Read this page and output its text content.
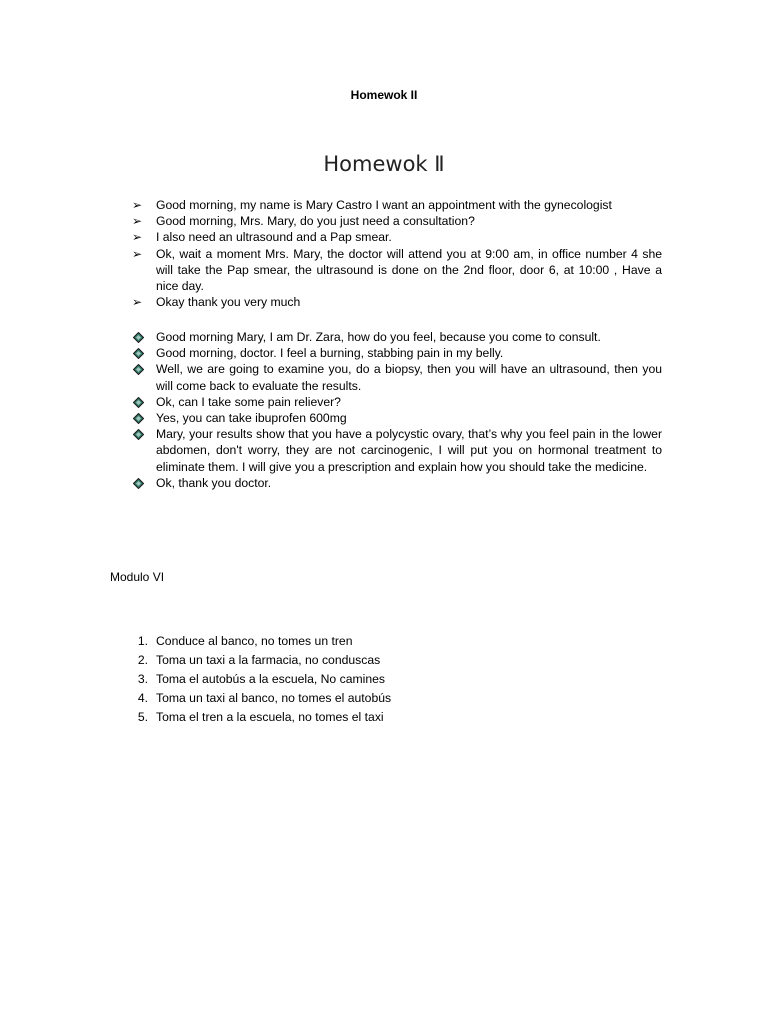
Homewok II
Homewok Ⅱ
➢	Good morning, my name is Mary Castro I want an appointment with the gynecologist
➢	Good morning, Mrs. Mary, do you just need a consultation?
➢	I also need an ultrasound and a Pap smear.
➢	Ok, wait a moment Mrs. Mary, the doctor will attend you at 9:00 am, in office number 4 she will take the Pap smear, the ultrasound is done on the 2nd floor, door 6, at 10:00 , Have a nice day.
➢	Okay thank you very much
Good morning Mary, I am Dr. Zara, how do you feel, because you come to consult.
Good morning, doctor. I feel a burning, stabbing pain in my belly.
Well, we are going to examine you, do a biopsy, then you will have an ultrasound, then you will come back to evaluate the results.
Ok, can I take some pain reliever?
Yes, you can take ibuprofen 600mg
Mary, your results show that you have a polycystic ovary, that’s why you feel pain in the lower abdomen, don't worry, they are not carcinogenic, I will put you on hormonal treatment to eliminate them. I will give you a prescription and explain how you should take the medicine.
Ok, thank you doctor.
Modulo VI
1. Conduce al banco, no tomes un tren
2. Toma un taxi a la farmacia, no conduscas
3. Toma el autobús a la escuela, No camines
4. Toma un taxi al banco, no tomes el autobús
5. Toma el tren a la escuela, no tomes el taxi
